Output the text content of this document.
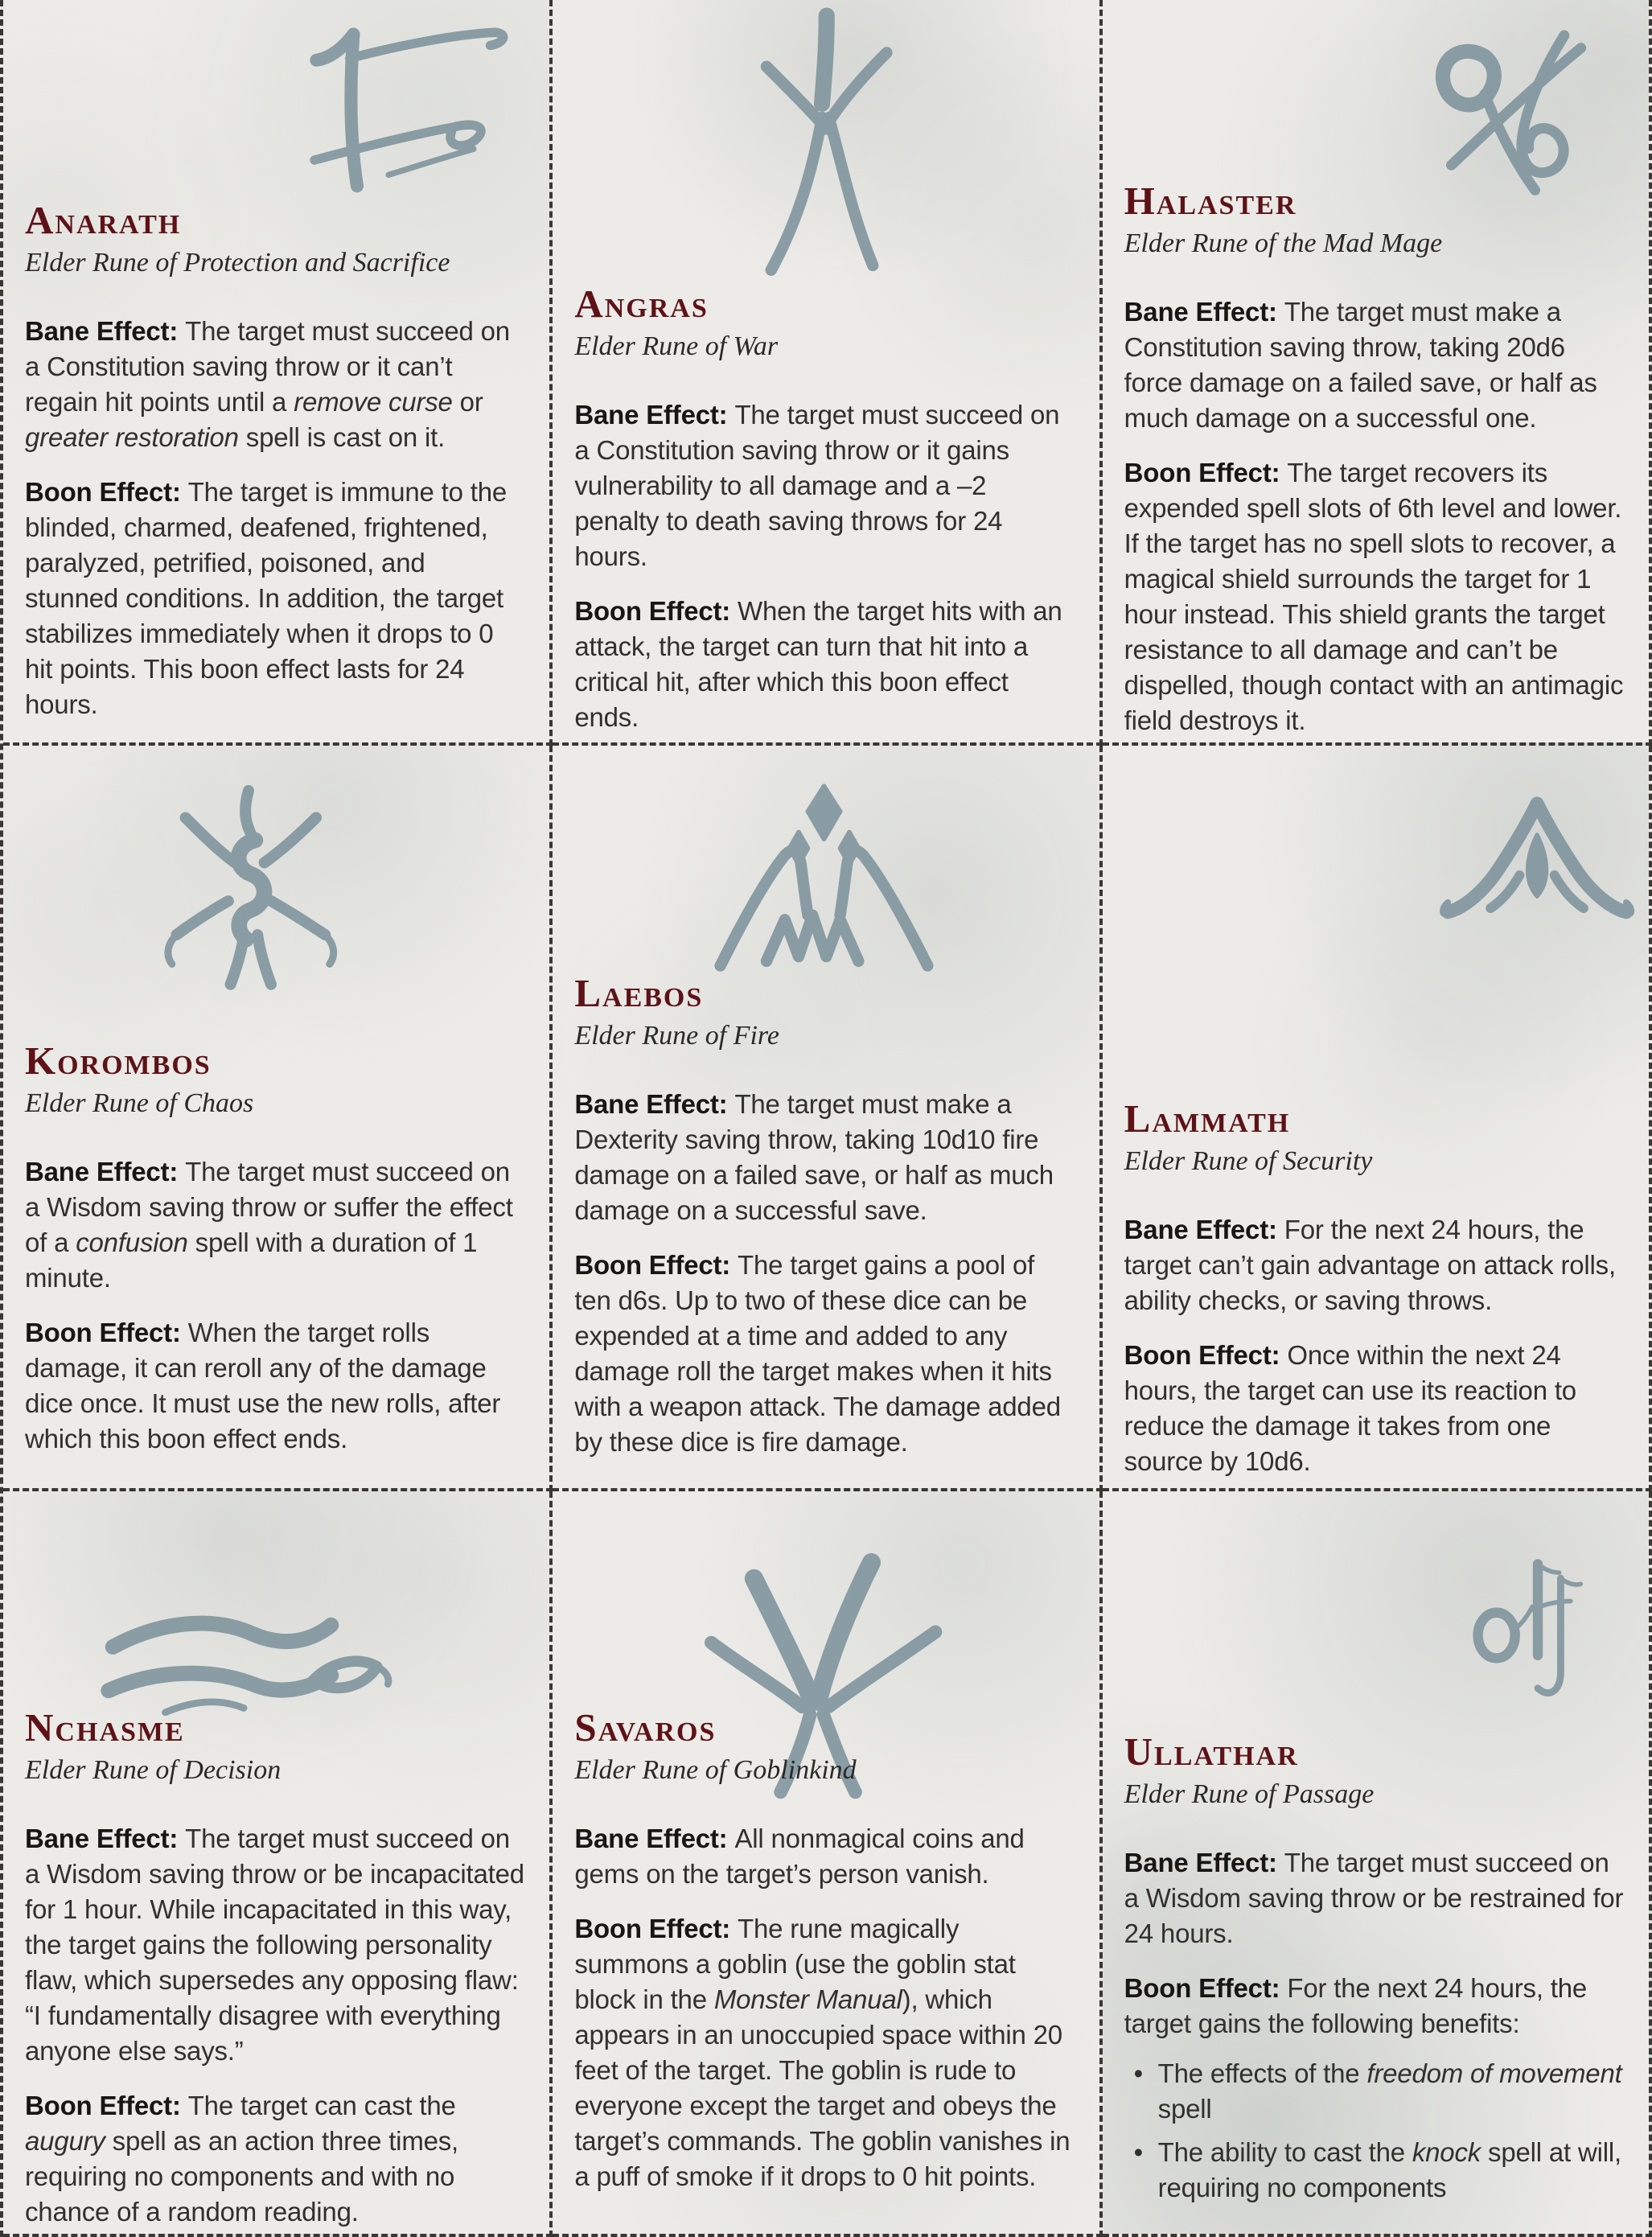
Anarath
Elder Rune of Protection and Sacrifice

Bane Effect: The target must succeed on a Constitution saving throw or it can’t regain hit points until a remove curse or greater restoration spell is cast on it.

Boon Effect: The target is immune to the blinded, charmed, deafened, frightened, paralyzed, petrified, poisoned, and stunned conditions. In addition, the target stabilizes immediately when it drops to 0 hit points. This boon effect lasts for 24 hours.

Angras
Elder Rune of War

Bane Effect: The target must succeed on a Constitution saving throw or it gains vulnerability to all damage and a –2 penalty to death saving throws for 24 hours.

Boon Effect: When the target hits with an attack, the target can turn that hit into a critical hit, after which this boon effect ends.

Halaster
Elder Rune of the Mad Mage

Bane Effect: The target must make a Constitution saving throw, taking 20d6 force damage on a failed save, or half as much damage on a successful one.

Boon Effect: The target recovers its expended spell slots of 6th level and lower. If the target has no spell slots to recover, a magical shield surrounds the target for 1 hour instead. This shield grants the target resistance to all damage and can’t be dispelled, though contact with an antimagic field destroys it.

Korombos
Elder Rune of Chaos

Bane Effect: The target must succeed on a Wisdom saving throw or suffer the effect of a confusion spell with a duration of 1 minute.

Boon Effect: When the target rolls damage, it can reroll any of the damage dice once. It must use the new rolls, after which this boon effect ends.

Laebos
Elder Rune of Fire

Bane Effect: The target must make a Dexterity saving throw, taking 10d10 fire damage on a failed save, or half as much damage on a successful save.

Boon Effect: The target gains a pool of ten d6s. Up to two of these dice can be expended at a time and added to any damage roll the target makes when it hits with a weapon attack. The damage added by these dice is fire damage.

Lammath
Elder Rune of Security

Bane Effect: For the next 24 hours, the target can’t gain advantage on attack rolls, ability checks, or saving throws.

Boon Effect: Once within the next 24 hours, the target can use its reaction to reduce the damage it takes from one source by 10d6.

Nchasme
Elder Rune of Decision

Bane Effect: The target must succeed on a Wisdom saving throw or be incapacitated for 1 hour. While incapacitated in this way, the target gains the following personality flaw, which supersedes any opposing flaw: “I fundamentally disagree with everything anyone else says.”

Boon Effect: The target can cast the augury spell as an action three times, requiring no components and with no chance of a random reading.

Savaros
Elder Rune of Goblinkind

Bane Effect: All nonmagical coins and gems on the target’s person vanish.

Boon Effect: The rune magically summons a goblin (use the goblin stat block in the Monster Manual), which appears in an unoccupied space within 20 feet of the target. The goblin is rude to everyone except the target and obeys the target’s commands. The goblin vanishes in a puff of smoke if it drops to 0 hit points.

Ullathar
Elder Rune of Passage

Bane Effect: The target must succeed on a Wisdom saving throw or be restrained for 24 hours.

Boon Effect: For the next 24 hours, the target gains the following benefits:

• The effects of the freedom of movement spell
• The ability to cast the knock spell at will, requiring no components
